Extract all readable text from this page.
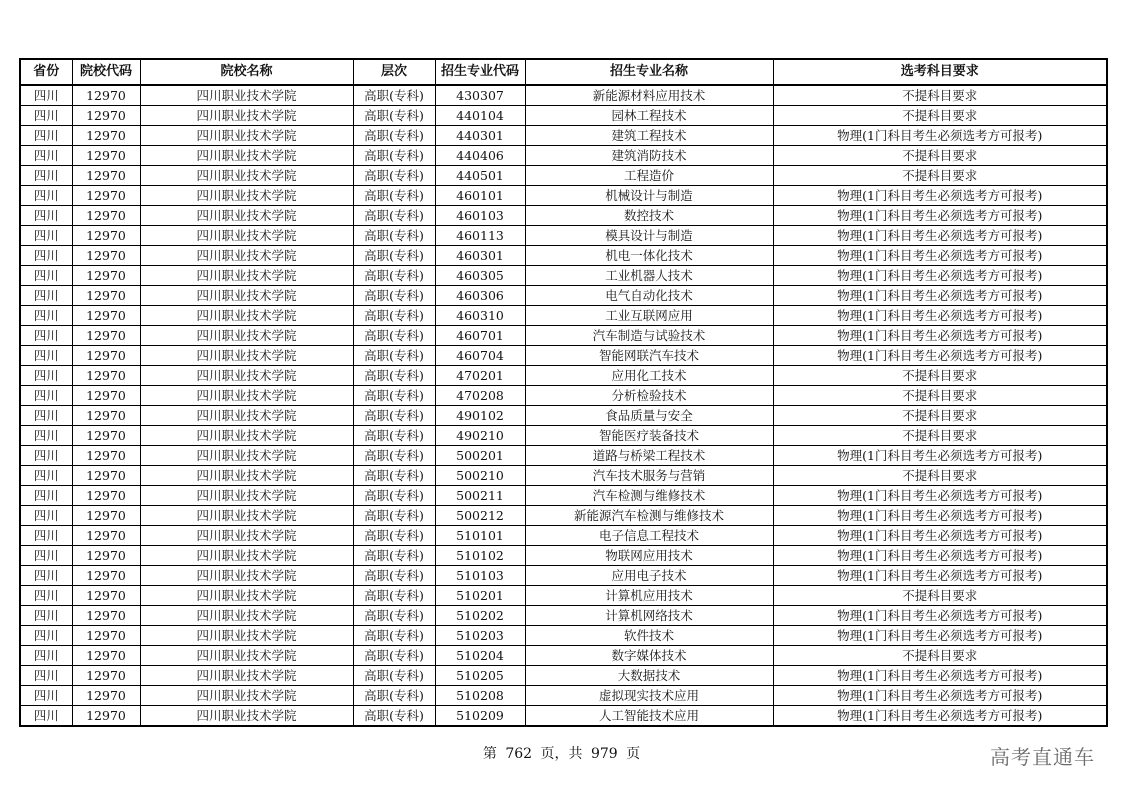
省份	院校代码	院校名称	层次	招生专业代码	招生专业名称	选考科目要求
四川	12970	四川职业技术学院	高职(专科)	430307	新能源材料应用技术	不提科目要求
四川	12970	四川职业技术学院	高职(专科)	440104	园林工程技术	不提科目要求
四川	12970	四川职业技术学院	高职(专科)	440301	建筑工程技术	物理(1门科目考生必须选考方可报考)
四川	12970	四川职业技术学院	高职(专科)	440406	建筑消防技术	不提科目要求
四川	12970	四川职业技术学院	高职(专科)	440501	工程造价	不提科目要求
四川	12970	四川职业技术学院	高职(专科)	460101	机械设计与制造	物理(1门科目考生必须选考方可报考)
四川	12970	四川职业技术学院	高职(专科)	460103	数控技术	物理(1门科目考生必须选考方可报考)
四川	12970	四川职业技术学院	高职(专科)	460113	模具设计与制造	物理(1门科目考生必须选考方可报考)
四川	12970	四川职业技术学院	高职(专科)	460301	机电一体化技术	物理(1门科目考生必须选考方可报考)
四川	12970	四川职业技术学院	高职(专科)	460305	工业机器人技术	物理(1门科目考生必须选考方可报考)
四川	12970	四川职业技术学院	高职(专科)	460306	电气自动化技术	物理(1门科目考生必须选考方可报考)
四川	12970	四川职业技术学院	高职(专科)	460310	工业互联网应用	物理(1门科目考生必须选考方可报考)
四川	12970	四川职业技术学院	高职(专科)	460701	汽车制造与试验技术	物理(1门科目考生必须选考方可报考)
四川	12970	四川职业技术学院	高职(专科)	460704	智能网联汽车技术	物理(1门科目考生必须选考方可报考)
四川	12970	四川职业技术学院	高职(专科)	470201	应用化工技术	不提科目要求
四川	12970	四川职业技术学院	高职(专科)	470208	分析检验技术	不提科目要求
四川	12970	四川职业技术学院	高职(专科)	490102	食品质量与安全	不提科目要求
四川	12970	四川职业技术学院	高职(专科)	490210	智能医疗装备技术	不提科目要求
四川	12970	四川职业技术学院	高职(专科)	500201	道路与桥梁工程技术	物理(1门科目考生必须选考方可报考)
四川	12970	四川职业技术学院	高职(专科)	500210	汽车技术服务与营销	不提科目要求
四川	12970	四川职业技术学院	高职(专科)	500211	汽车检测与维修技术	物理(1门科目考生必须选考方可报考)
四川	12970	四川职业技术学院	高职(专科)	500212	新能源汽车检测与维修技术	物理(1门科目考生必须选考方可报考)
四川	12970	四川职业技术学院	高职(专科)	510101	电子信息工程技术	物理(1门科目考生必须选考方可报考)
四川	12970	四川职业技术学院	高职(专科)	510102	物联网应用技术	物理(1门科目考生必须选考方可报考)
四川	12970	四川职业技术学院	高职(专科)	510103	应用电子技术	物理(1门科目考生必须选考方可报考)
四川	12970	四川职业技术学院	高职(专科)	510201	计算机应用技术	不提科目要求
四川	12970	四川职业技术学院	高职(专科)	510202	计算机网络技术	物理(1门科目考生必须选考方可报考)
四川	12970	四川职业技术学院	高职(专科)	510203	软件技术	物理(1门科目考生必须选考方可报考)
四川	12970	四川职业技术学院	高职(专科)	510204	数字媒体技术	不提科目要求
四川	12970	四川职业技术学院	高职(专科)	510205	大数据技术	物理(1门科目考生必须选考方可报考)
四川	12970	四川职业技术学院	高职(专科)	510208	虚拟现实技术应用	物理(1门科目考生必须选考方可报考)
四川	12970	四川职业技术学院	高职(专科)	510209	人工智能技术应用	物理(1门科目考生必须选考方可报考)
第 762 页，共 979 页	高考直通车
